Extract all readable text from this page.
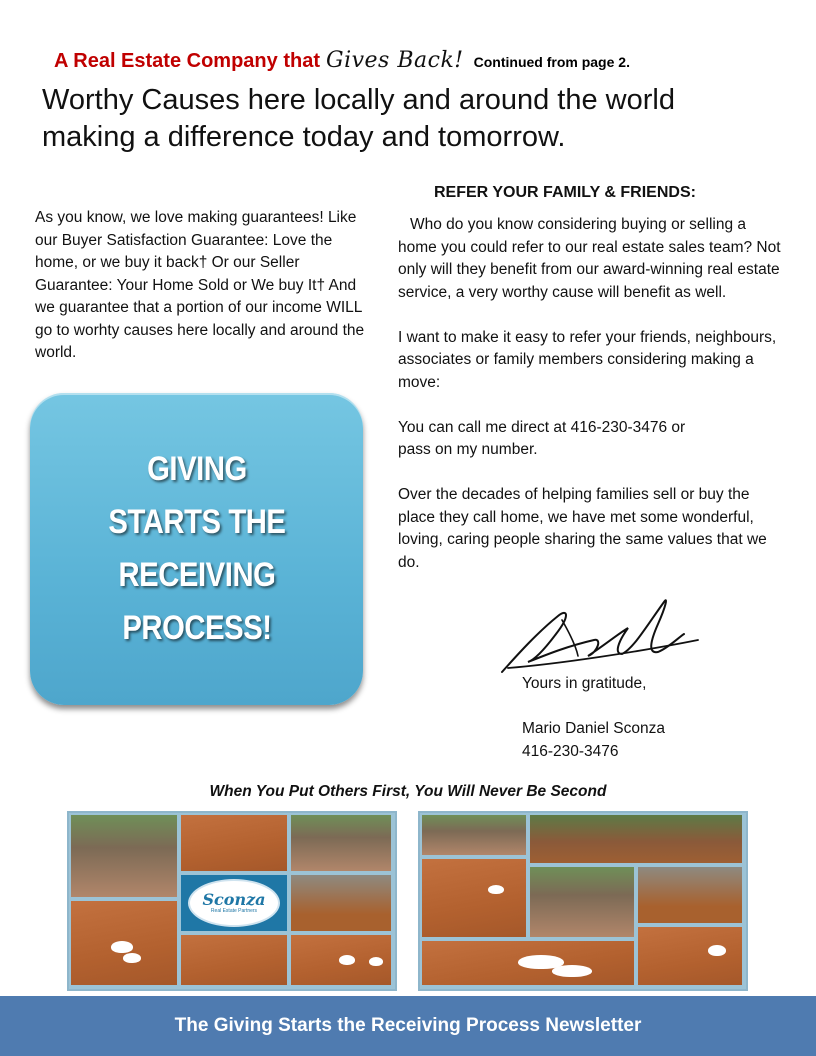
A Real Estate Company that Gives Back! Continued from page 2.
Worthy Causes here locally and around the world making a difference today and tomorrow.
As you know, we love making guarantees! Like our Buyer Satisfaction Guarantee: Love the home, or we buy it back† Or our Seller Guarantee: Your Home Sold or We buy It† And we guarantee that a portion of our income WILL go to worhty causes here locally and around the world.
GIVING
STARTS THE
RECEIVING
PROCESS!
REFER YOUR FAMILY & FRIENDS:

Who do you know considering buying or selling a home you could refer to our real estate sales team? Not only will they benefit from our award-winning real estate service, a very worthy cause will benefit as well.

I want to make it easy to refer your friends, neighbours, associates or family members considering making a move:

You can call me direct at 416-230-3476 or
pass on my number.

Over the decades of helping families sell or buy the place they call home, we have met some wonderful, loving, caring people sharing the same values that we do.

Yours in gratitude,
Mario Daniel Sconza
416-230-3476
When You Put Others First, You Will Never Be Second
Sconza
Real Estate Partners
The Giving Starts the Receiving Process Newsletter
